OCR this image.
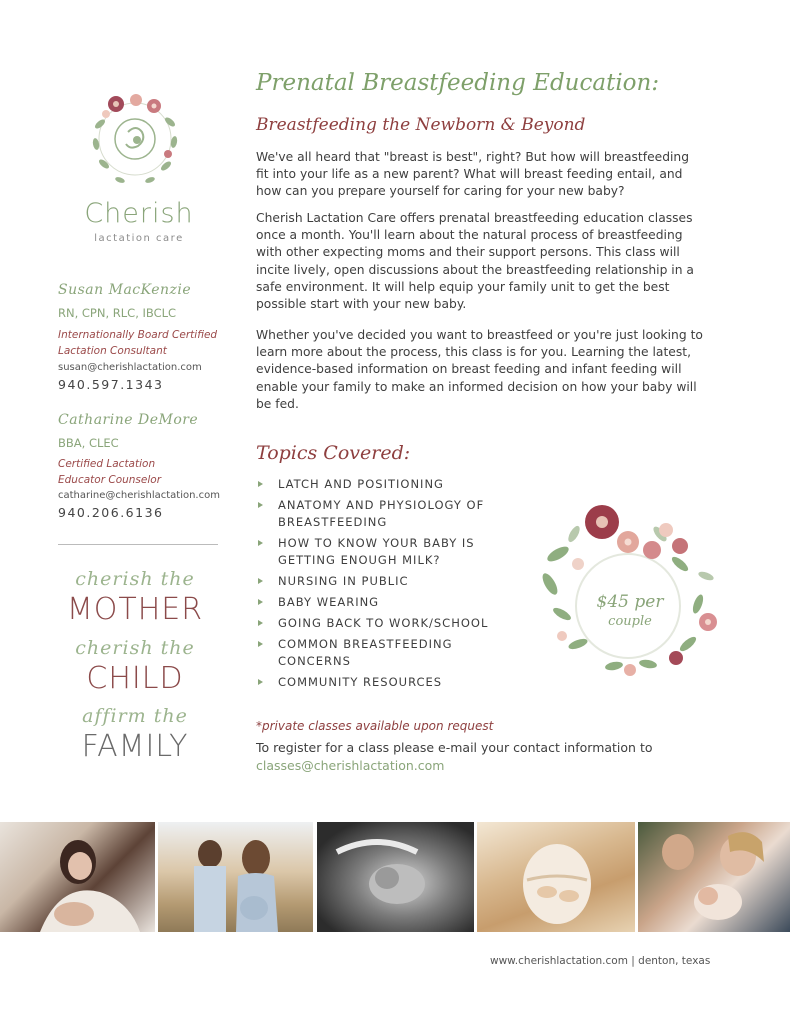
Cherish
lactation care
Susan MacKenzie
RN, CPN, RLC, IBCLC
Internationally Board Certified
Lactation Consultant
susan@cherishlactation.com
940.597.1343
Catharine DeMore
BBA, CLEC
Certified Lactation
Educator Counselor
catharine@cherishlactation.com
940.206.6136
cherish the
MOTHER
cherish the
CHILD
affirm the
FAMILY
Prenatal Breastfeeding Education:
Breastfeeding the Newborn & Beyond

We've all heard that "breast is best", right? But how will breastfeeding fit into your life as a new parent? What will breast feeding entail, and how can you prepare yourself for caring for your new baby?

Cherish Lactation Care offers prenatal breastfeeding education classes once a month. You'll learn about the natural process of breastfeeding with other expecting moms and their support persons. This class will incite lively, open discussions about the breastfeeding relationship in a safe environment. It will help equip your family unit to get the best possible start with your new baby.

Whether you've decided you want to breastfeed or you're just looking to learn more about the process, this class is for you. Learning the latest, evidence-based information on breast feeding and infant feeding will enable your family to make an informed decision on how your baby will be fed.

Topics Covered:
LATCH AND POSITIONING
ANATOMY AND PHYSIOLOGY OF BREASTFEEDING
HOW TO KNOW YOUR BABY IS GETTING ENOUGH MILK?
NURSING IN PUBLIC
BABY WEARING
GOING BACK TO WORK/SCHOOL
COMMON BREASTFEEDING CONCERNS
COMMUNITY RESOURCES
$45 per
couple
*private classes available upon request
To register for a class please e-mail your contact information to
classes@cherishlactation.com
www.cherishlactation.com | denton, texas
